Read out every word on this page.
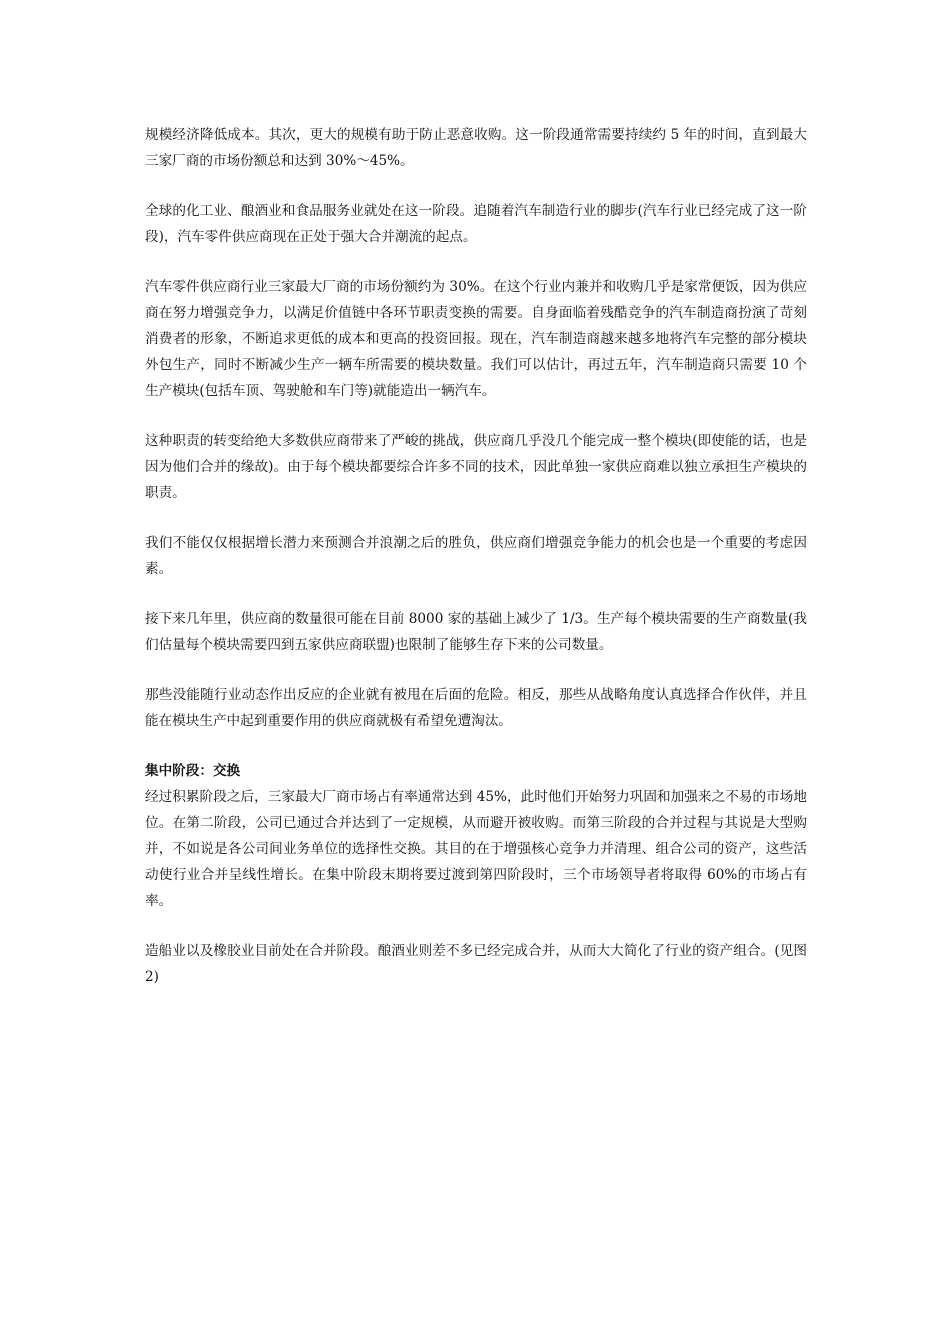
规模经济降低成本。其次，更大的规模有助于防止恶意收购。这一阶段通常需要持续约 5 年的时间，直到最大三家厂商的市场份额总和达到 30%～45%。

全球的化工业、酿酒业和食品服务业就处在这一阶段。追随着汽车制造行业的脚步(汽车行业已经完成了这一阶段)，汽车零件供应商现在正处于强大合并潮流的起点。

汽车零件供应商行业三家最大厂商的市场份额约为 30%。在这个行业内兼并和收购几乎是家常便饭，因为供应商在努力增强竞争力，以满足价值链中各环节职责变换的需要。自身面临着残酷竞争的汽车制造商扮演了苛刻消费者的形象，不断追求更低的成本和更高的投资回报。现在，汽车制造商越来越多地将汽车完整的部分模块外包生产，同时不断减少生产一辆车所需要的模块数量。我们可以估计，再过五年，汽车制造商只需要 10 个生产模块(包括车顶、驾驶舱和车门等)就能造出一辆汽车。

这种职责的转变给绝大多数供应商带来了严峻的挑战，供应商几乎没几个能完成一整个模块(即使能的话，也是因为他们合并的缘故)。由于每个模块都要综合许多不同的技术，因此单独一家供应商难以独立承担生产模块的职责。

我们不能仅仅根据增长潜力来预测合并浪潮之后的胜负，供应商们增强竞争能力的机会也是一个重要的考虑因素。

接下来几年里，供应商的数量很可能在目前 8000 家的基础上减少了 1/3。生产每个模块需要的生产商数量(我们估量每个模块需要四到五家供应商联盟)也限制了能够生存下来的公司数量。

那些没能随行业动态作出反应的企业就有被甩在后面的危险。相反，那些从战略角度认真选择合作伙伴，并且能在模块生产中起到重要作用的供应商就极有希望免遭淘汰。

集中阶段：交换

经过积累阶段之后，三家最大厂商市场占有率通常达到 45%，此时他们开始努力巩固和加强来之不易的市场地位。在第二阶段，公司已通过合并达到了一定规模，从而避开被收购。而第三阶段的合并过程与其说是大型购并，不如说是各公司间业务单位的选择性交换。其目的在于增强核心竞争力并清理、组合公司的资产，这些活动使行业合并呈线性增长。在集中阶段末期将要过渡到第四阶段时，三个市场领导者将取得 60%的市场占有率。

造船业以及橡胶业目前处在合并阶段。酿酒业则差不多已经完成合并，从而大大简化了行业的资产组合。(见图 2)
